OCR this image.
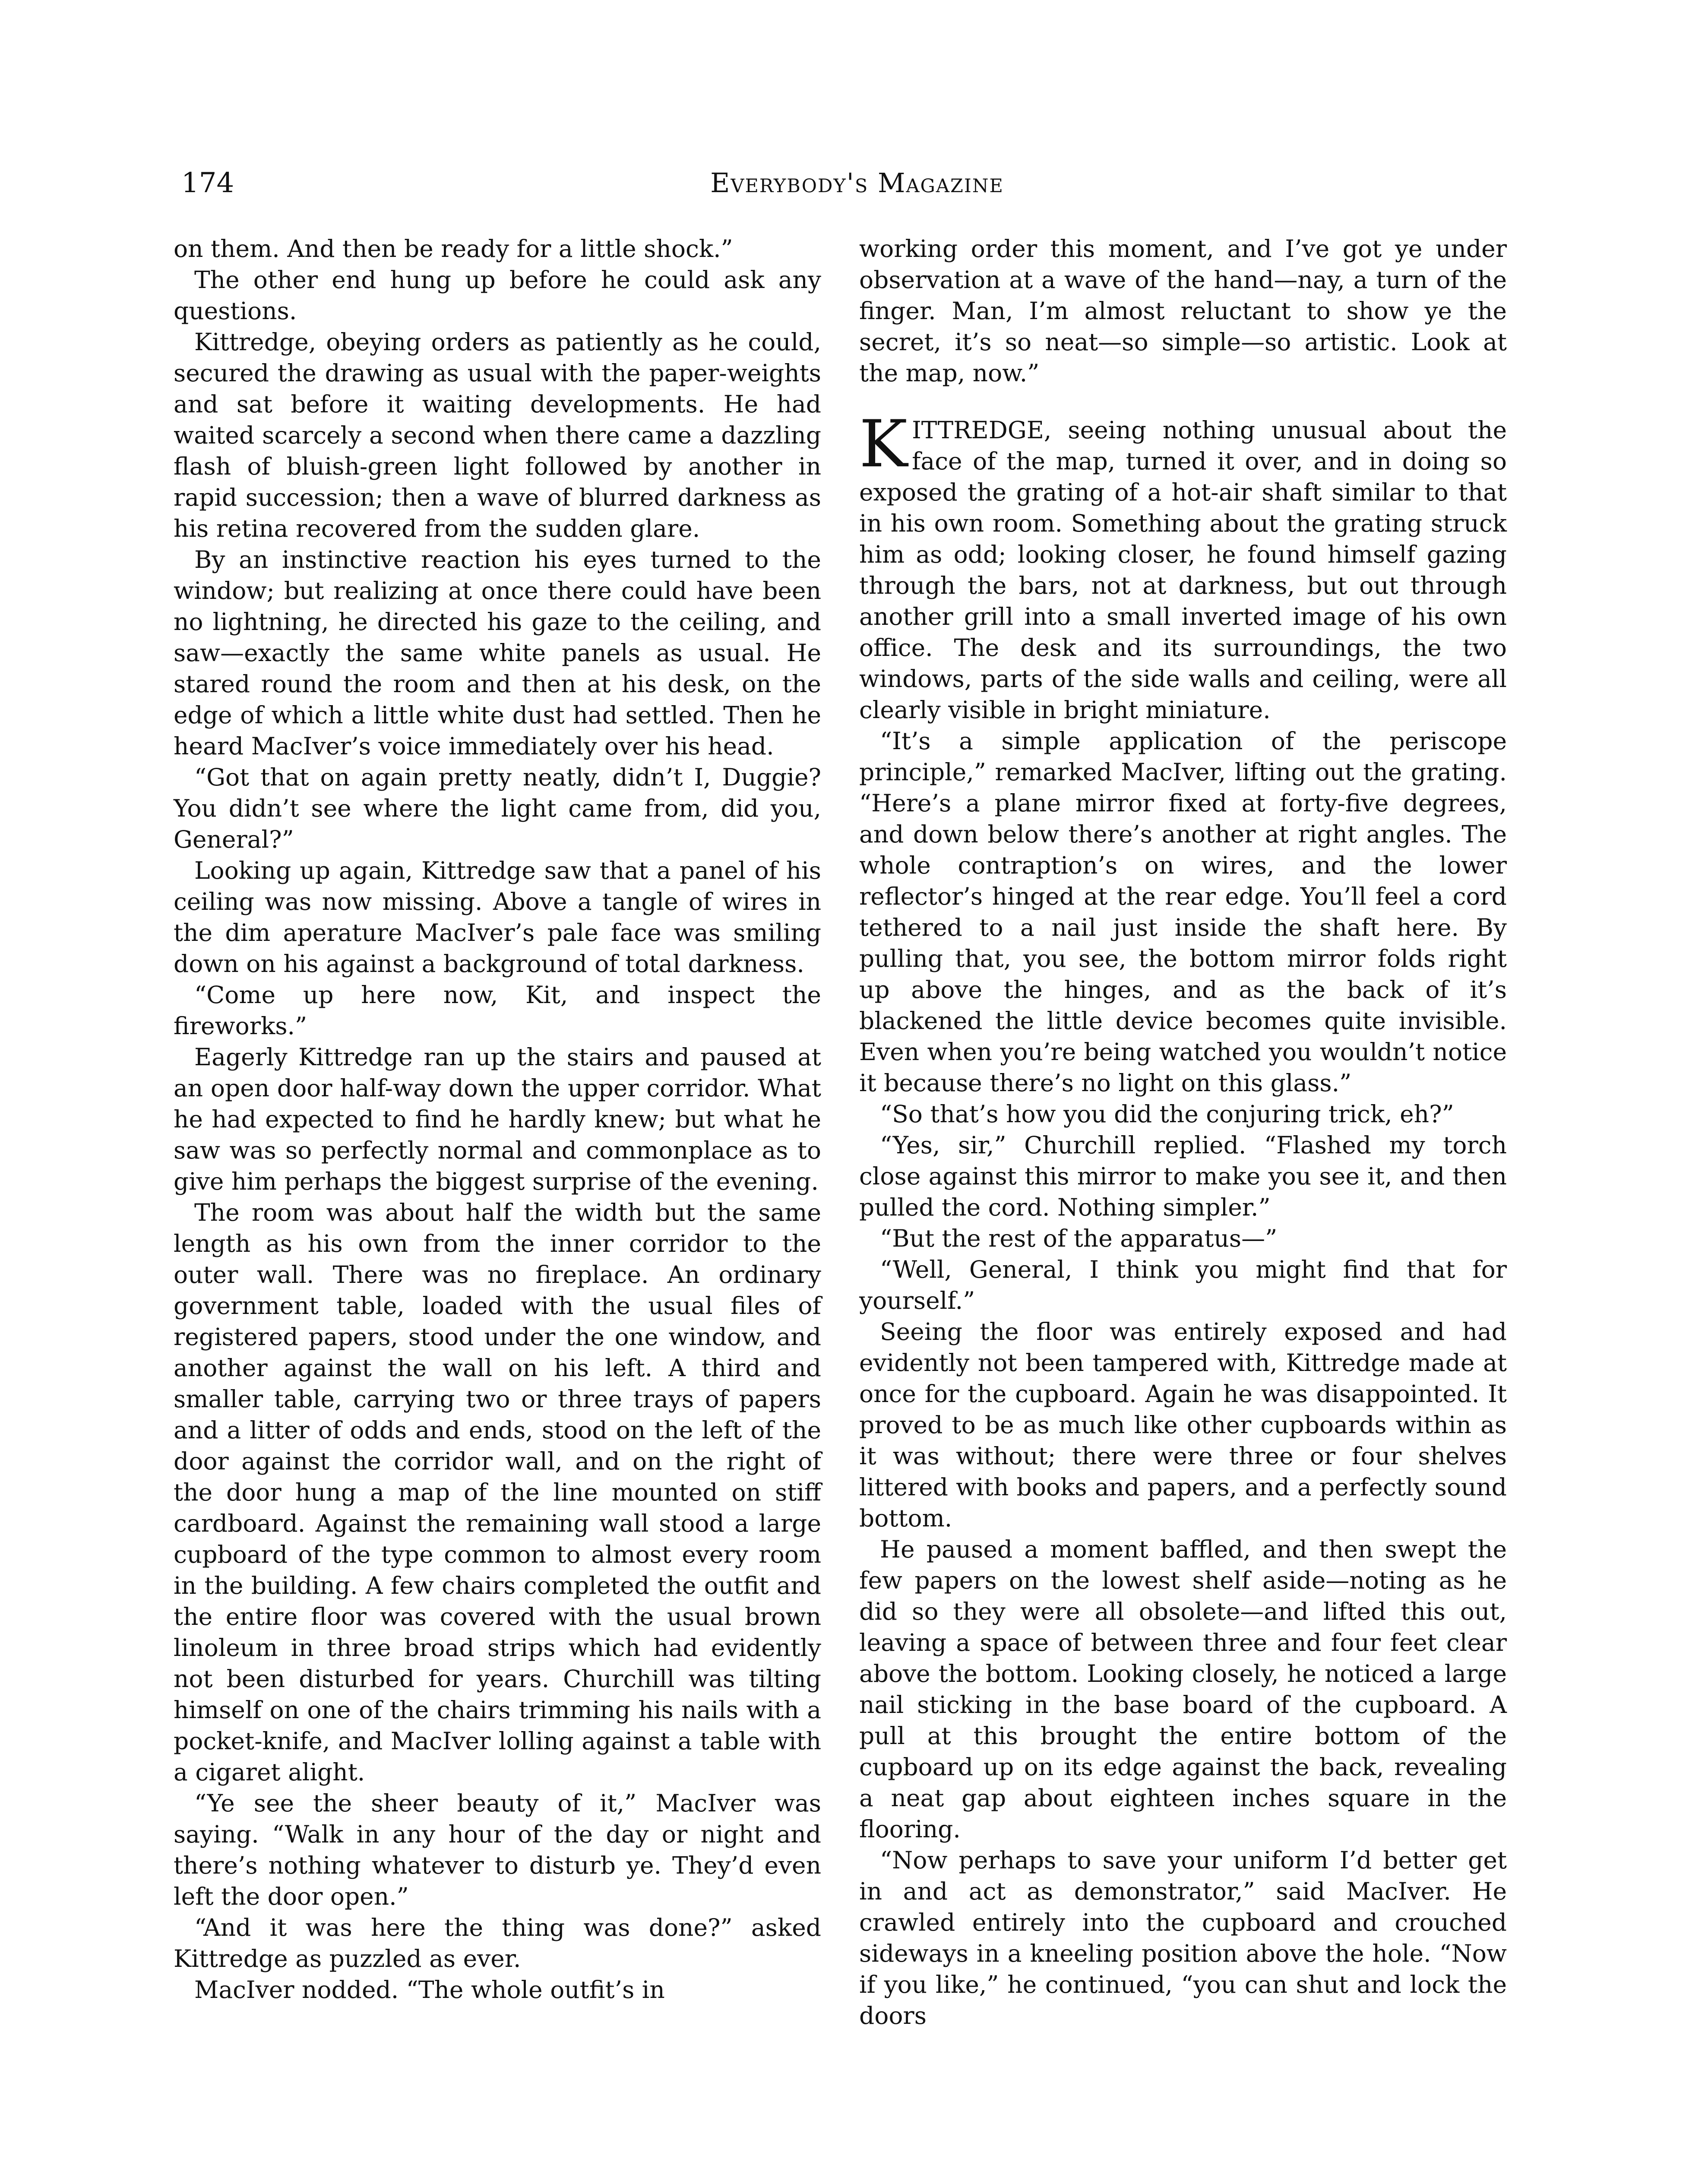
174	Everybody's Magazine

on them. And then be ready for a little shock.”

The other end hung up before he could ask any questions.

Kittredge, obeying orders as patiently as he could, secured the drawing as usual with the paper-weights and sat before it waiting developments. He had waited scarcely a second when there came a dazzling flash of bluish-green light followed by another in rapid succession; then a wave of blurred darkness as his retina recovered from the sudden glare.

By an instinctive reaction his eyes turned to the window; but realizing at once there could have been no lightning, he directed his gaze to the ceiling, and saw—exactly the same white panels as usual. He stared round the room and then at his desk, on the edge of which a little white dust had settled. Then he heard MacIver’s voice immediately over his head.

“Got that on again pretty neatly, didn’t I, Duggie? You didn’t see where the light came from, did you, General?”

Looking up again, Kittredge saw that a panel of his ceiling was now missing. Above a tangle of wires in the dim aperature MacIver’s pale face was smiling down on his against a background of total darkness.

“Come up here now, Kit, and inspect the fireworks.”

Eagerly Kittredge ran up the stairs and paused at an open door half-way down the upper corridor. What he had expected to find he hardly knew; but what he saw was so perfectly normal and commonplace as to give him perhaps the biggest surprise of the evening.

The room was about half the width but the same length as his own from the inner corridor to the outer wall. There was no fireplace. An ordinary government table, loaded with the usual files of registered papers, stood under the one window, and another against the wall on his left. A third and smaller table, carrying two or three trays of papers and a litter of odds and ends, stood on the left of the door against the corridor wall, and on the right of the door hung a map of the line mounted on stiff cardboard. Against the remaining wall stood a large cupboard of the type common to almost every room in the building. A few chairs completed the outfit and the entire floor was covered with the usual brown linoleum in three broad strips which had evidently not been disturbed for years. Churchill was tilting himself on one of the chairs trimming his nails with a pocket-knife, and MacIver lolling against a table with a cigaret alight.

“Ye see the sheer beauty of it,” MacIver was saying. “Walk in any hour of the day or night and there’s nothing whatever to disturb ye. They’d even left the door open.”

“And it was here the thing was done?” asked Kittredge as puzzled as ever.

MacIver nodded. “The whole outfit’s in

working order this moment, and I’ve got ye under observation at a wave of the hand—nay, a turn of the finger. Man, I’m almost reluctant to show ye the secret, it’s so neat—so simple—so artistic. Look at the map, now.”

KITTREDGE, seeing nothing unusual about the face of the map, turned it over, and in doing so exposed the grating of a hot-air shaft similar to that in his own room. Something about the grating struck him as odd; looking closer, he found himself gazing through the bars, not at darkness, but out through another grill into a small inverted image of his own office. The desk and its surroundings, the two windows, parts of the side walls and ceiling, were all clearly visible in bright miniature.

“It’s a simple application of the periscope principle,” remarked MacIver, lifting out the grating. “Here’s a plane mirror fixed at forty-five degrees, and down below there’s another at right angles. The whole contraption’s on wires, and the lower reflector’s hinged at the rear edge. You’ll feel a cord tethered to a nail just inside the shaft here. By pulling that, you see, the bottom mirror folds right up above the hinges, and as the back of it’s blackened the little device becomes quite invisible. Even when you’re being watched you wouldn’t notice it because there’s no light on this glass.”

“So that’s how you did the conjuring trick, eh?”

“Yes, sir,” Churchill replied. “Flashed my torch close against this mirror to make you see it, and then pulled the cord. Nothing simpler.”

“But the rest of the apparatus—”

“Well, General, I think you might find that for yourself.”

Seeing the floor was entirely exposed and had evidently not been tampered with, Kittredge made at once for the cupboard. Again he was disappointed. It proved to be as much like other cupboards within as it was without; there were three or four shelves littered with books and papers, and a perfectly sound bottom.

He paused a moment baffled, and then swept the few papers on the lowest shelf aside—noting as he did so they were all obsolete—and lifted this out, leaving a space of between three and four feet clear above the bottom. Looking closely, he noticed a large nail sticking in the base board of the cupboard. A pull at this brought the entire bottom of the cupboard up on its edge against the back, revealing a neat gap about eighteen inches square in the flooring.

“Now perhaps to save your uniform I’d better get in and act as demonstrator,” said MacIver. He crawled entirely into the cupboard and crouched sideways in a kneeling position above the hole. “Now if you like,” he continued, “you can shut and lock the doors
